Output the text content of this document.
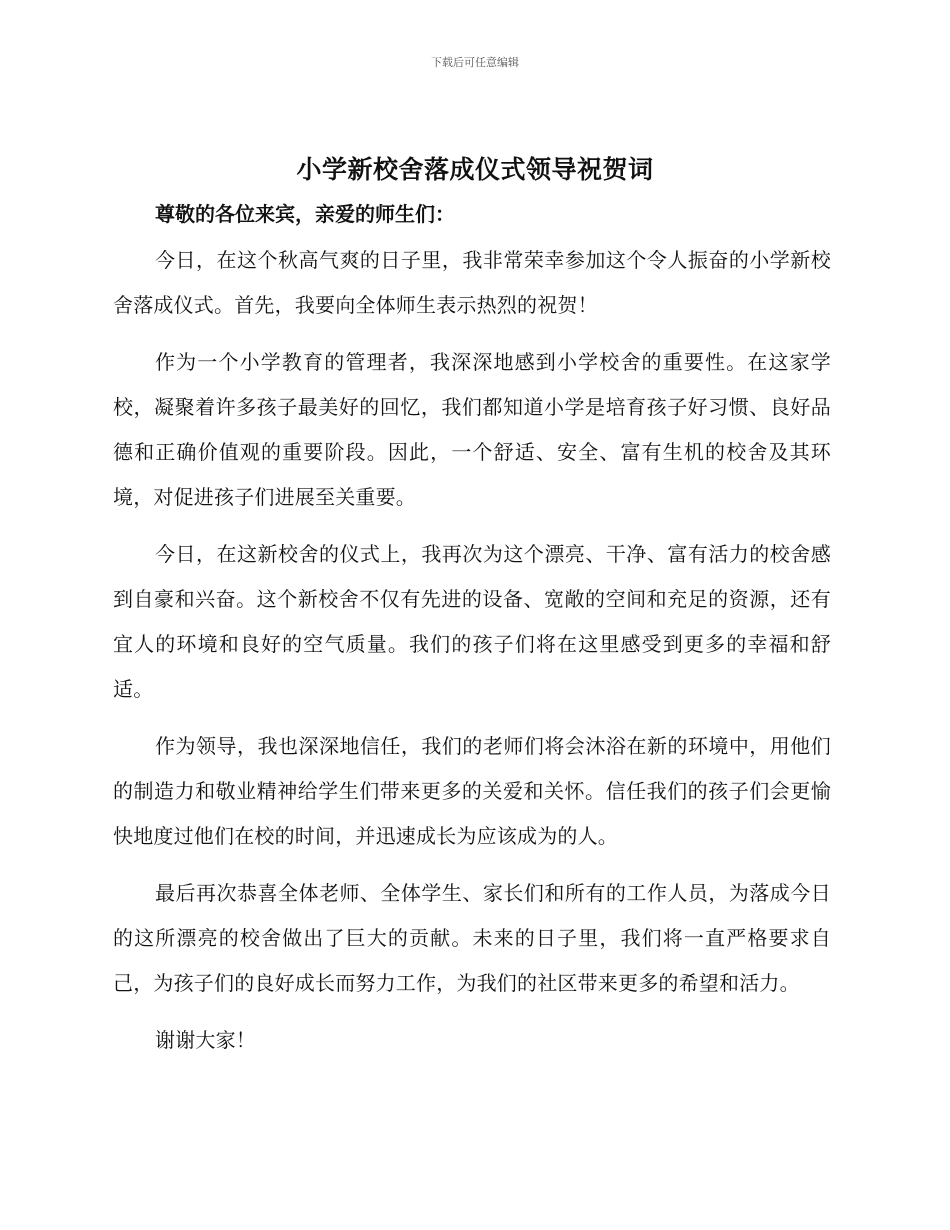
下载后可任意编辑
小学新校舍落成仪式领导祝贺词

尊敬的各位来宾，亲爱的师生们：

今日，在这个秋高气爽的日子里，我非常荣幸参加这个令人振奋的小学新校舍落成仪式。首先，我要向全体师生表示热烈的祝贺！

作为一个小学教育的管理者，我深深地感到小学校舍的重要性。在这家学校，凝聚着许多孩子最美好的回忆，我们都知道小学是培育孩子好习惯、良好品德和正确价值观的重要阶段。因此，一个舒适、安全、富有生机的校舍及其环境，对促进孩子们进展至关重要。

今日，在这新校舍的仪式上，我再次为这个漂亮、干净、富有活力的校舍感到自豪和兴奋。这个新校舍不仅有先进的设备、宽敞的空间和充足的资源，还有宜人的环境和良好的空气质量。我们的孩子们将在这里感受到更多的幸福和舒适。

作为领导，我也深深地信任，我们的老师们将会沐浴在新的环境中，用他们的制造力和敬业精神给学生们带来更多的关爱和关怀。信任我们的孩子们会更愉快地度过他们在校的时间，并迅速成长为应该成为的人。

最后再次恭喜全体老师、全体学生、家长们和所有的工作人员，为落成今日的这所漂亮的校舍做出了巨大的贡献。未来的日子里，我们将一直严格要求自己，为孩子们的良好成长而努力工作，为我们的社区带来更多的希望和活力。

谢谢大家！
